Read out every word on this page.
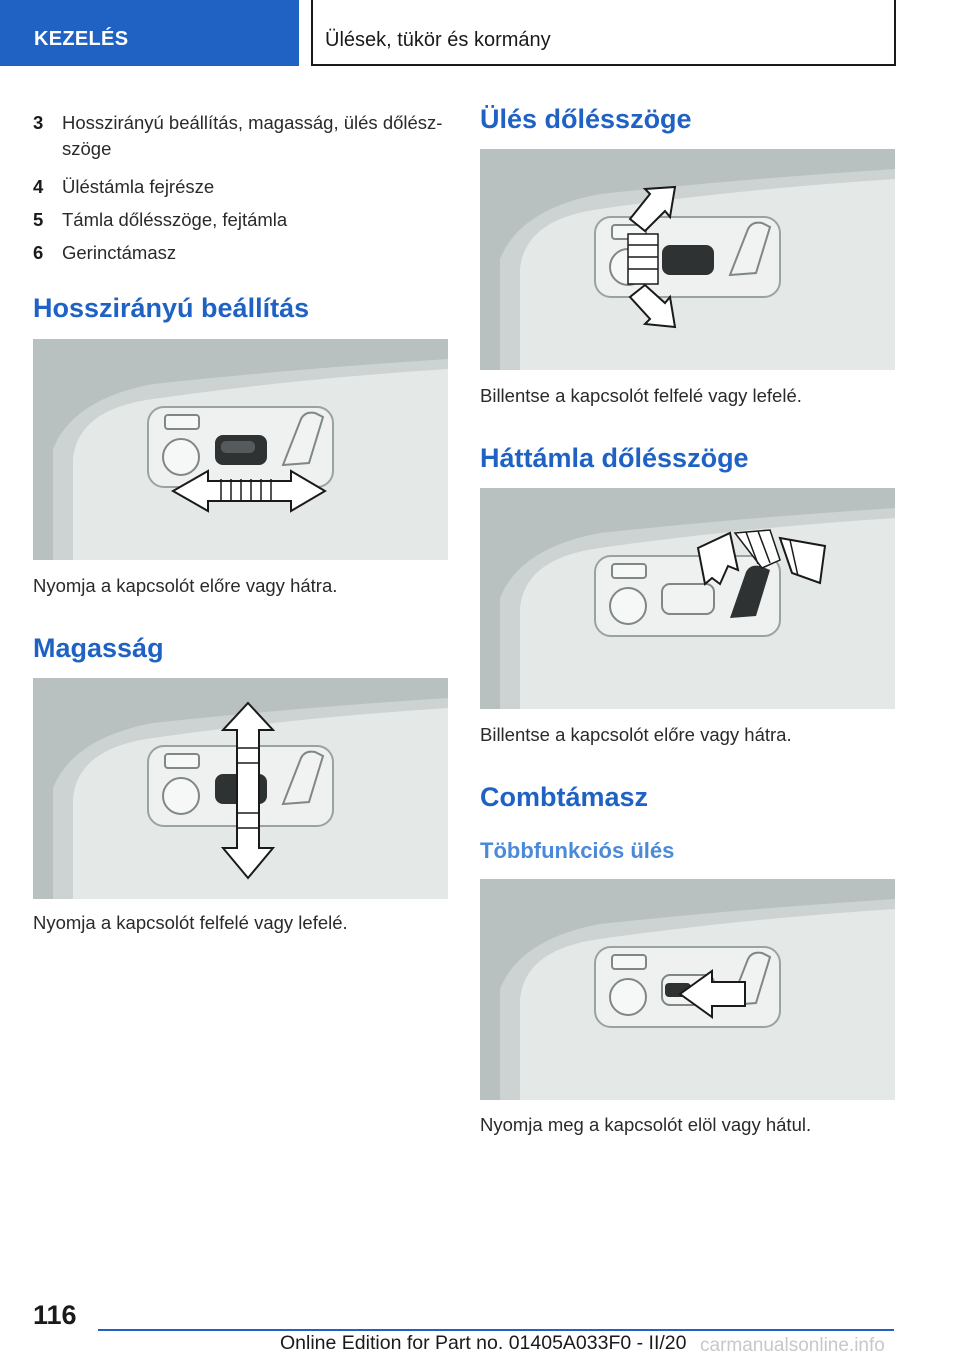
KEZELÉS	Ülések, tükör és kormány
3 Hosszirányú beállítás, magasság, ülés dőlész-szöge
4 Üléstámla fejrésze
5 Támla dőlésszöge, fejtámla
6 Gerinctámasz
Hosszirányú beállítás
Nyomja a kapcsolót előre vagy hátra.
Magasság
Nyomja a kapcsolót felfelé vagy lefelé.
Ülés dőlésszöge
Billentse a kapcsolót felfelé vagy lefelé.
Háttámla dőlésszöge
Billentse a kapcsolót előre vagy hátra.
Combtámasz
Többfunkciós ülés
Nyomja meg a kapcsolót elöl vagy hátul.
116
Online Edition for Part no. 01405A033F0 - II/20 carmanualsonline.info
